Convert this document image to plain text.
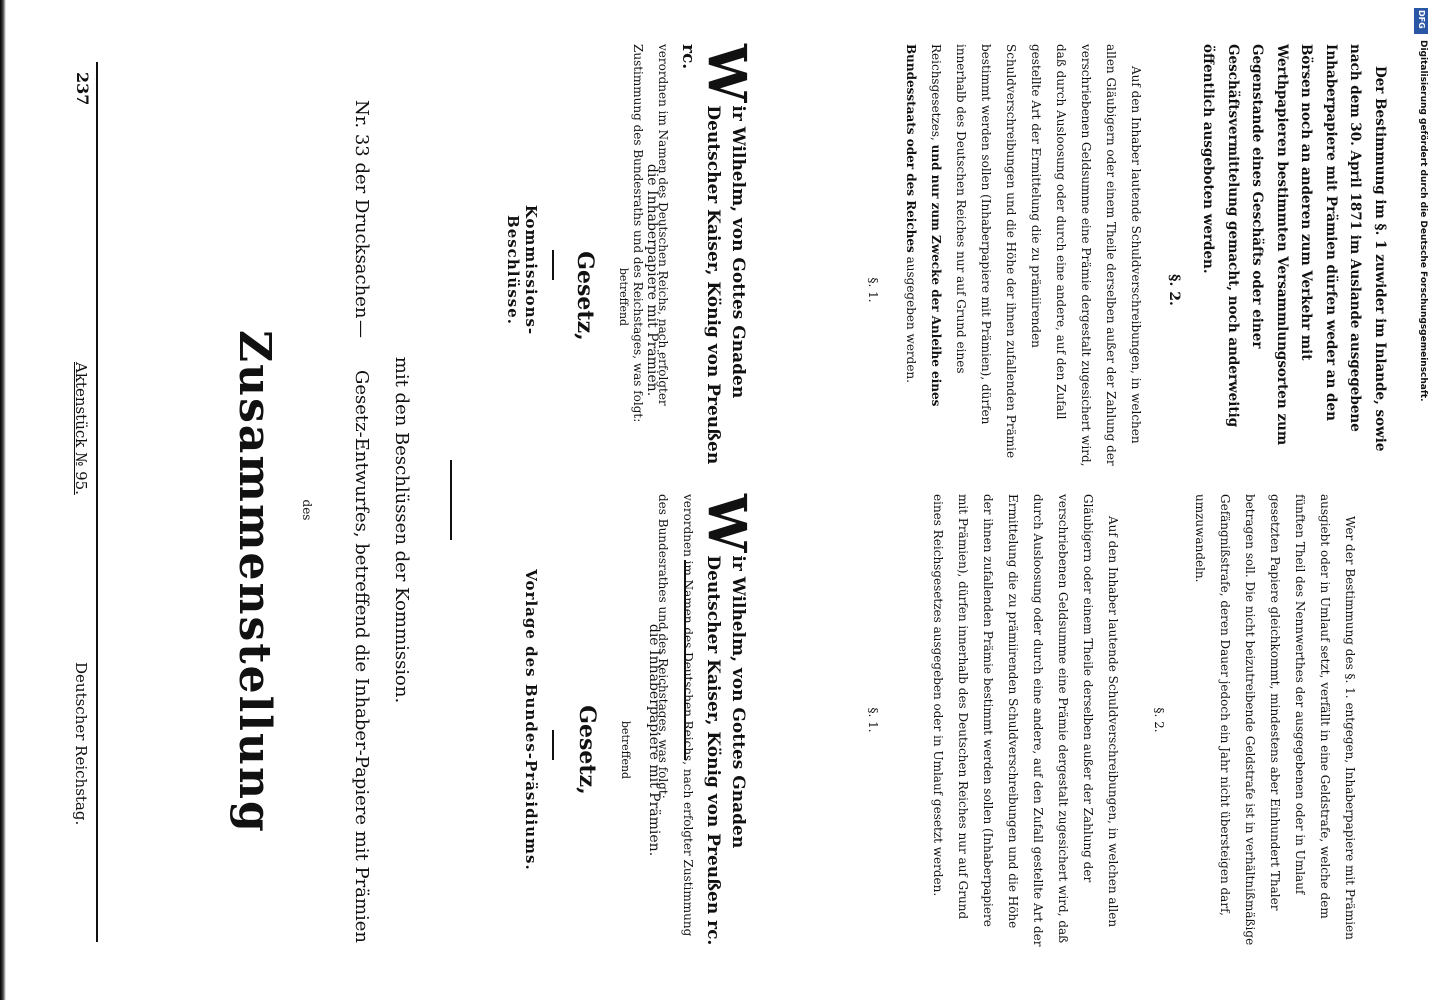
Deutscher Reichstag.
Aktenstück № 95.
237
Zusammenstellung des
Nr. 33 der Drucksachen
—
Gesetz-Entwurfes, betreffend die Inhaber-Papiere mit Prämien mit den Beschlüssen der Kommission.
Vorlage des Bundes-Präsidiums. Gesetz, betreffend die Inhaberpapiere mit Prämien.
W
ir Wilhelm, von Gottes Gnaden Deutscher Kaiser, König von Preußen rc.
verordnen im Namen des Deutschen Reichs, nach erfolgter Zustimmung des Bundesrathes und des Reichstages, was folgt:	§. 1.	Auf den Inhaber lautende Schuldverschreibungen, in welchen allen Gläubigern oder einem Theile derselben außer der Zahlung der verschriebenen Geldsumme eine Prämie dergestalt zugesichert wird, daß durch Ausloosung oder durch eine andere, auf den Zufall gestellte Art der Ermittelung die zu prämiirenden Schuldverschreibungen und die Höhe der ihnen zufallenden Prämie bestimmt werden sollen (Inhaberpapiere mit Prämien), dürfen innerhalb des Deutschen Reiches nur auf Grund eines Reichsgesetzes ausgegeben oder in Umlauf gesetzt werden.	§. 2.	Wer der Bestimmung des §. 1. entgegen, Inhaberpapiere mit Prämien ausgiebt oder in Umlauf setzt, verfällt in eine Geldstrafe, welche dem fünften Theil des Nennwerthes der ausgegebenen oder in Umlauf gesetzten Papiere gleichkommt, mindestens aber Einhundert Thaler betragen soll. Die nicht beizutreibende Geldstrafe ist in verhältnißmäßige Gefängnißstrafe, deren Dauer jedoch ein Jahr nicht übersteigen darf, umzuwandeln.

Kommissions-Beschlüsse.	Gesetz, betreffend die Inhaberpapiere mit Prämien.
W
ir Wilhelm, von Gottes Gnaden Deutscher Kaiser, König von Preußen rc.
verordnen im Namen des Deutschen Reichs, nach erfolgter Zustimmung des Bundesraths und des Reichstages, was folgt:	§. 1.	Auf den Inhaber lautende Schuldverschreibungen, in welchen allen Gläubigern oder einem Theile derselben außer der Zahlung der verschriebenen Geldsumme eine Prämie dergestalt zugesichert wird, daß durch Ausloosung oder durch eine andere, auf den Zufall gestellte Art der Ermittelung die zu prämiirenden Schuldverschreibungen und die Höhe der ihnen zufallenden Prämie bestimmt werden sollen (Inhaberpapiere mit Prämien), dürfen innerhalb des Deutschen Reiches nur auf Grund eines Reichsgesetzes, und nur zum Zwecke der Anleihe eines Bundesstaats oder des Reiches ausgegeben werden.	§. 2.	Der Bestimmung im §. 1 zuwider im Inlande, sowie nach dem 30. April 1871 im Auslande ausgegebene Inhaberpapiere mit Prämien dürfen weder an den Börsen noch an anderen zum Verkehr mit Werthpapieren bestimmten Versammlungsorten zum Gegenstande eines Geschäfts oder einer Geschäftsvermittelung gemacht, noch anderweitig öffentlich ausgeboten werden.	Digitalisierung gefördert durch die Deutsche Forschungsgemeinschaft.
DFG
